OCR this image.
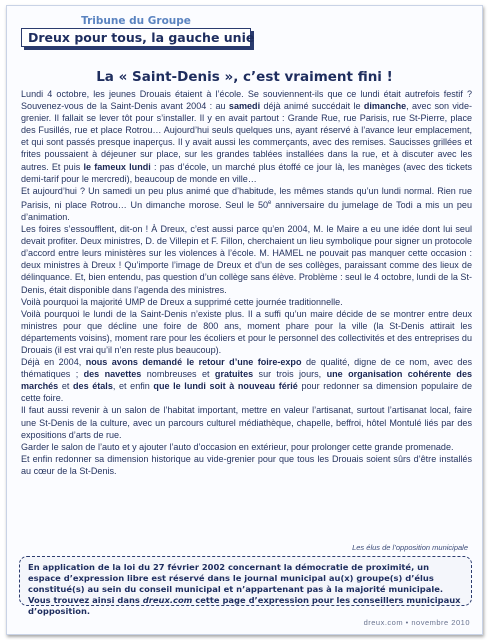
Tribune du Groupe
Dreux pour tous, la gauche unie
La « Saint-Denis », c’est vraiment fini !

Lundi 4 octobre, les jeunes Drouais étaient à l’école. Se souviennent-ils que ce lundi était autrefois festif ? Souvenez-vous de la Saint-Denis avant 2004 : au samedi déjà animé succédait le dimanche, avec son vide-grenier. Il fallait se lever tôt pour s’installer. Il y en avait partout : Grande Rue, rue Parisis, rue St-Pierre, place des Fusillés, rue et place Rotrou… Aujourd’hui seuls quelques uns, ayant réservé à l’avance leur emplacement, et qui sont passés presque inaperçus. Il y avait aussi les commerçants, avec des remises. Saucisses grillées et frites poussaient à déjeuner sur place, sur les grandes tablées installées dans la rue, et à discuter avec les autres. Et puis le fameux lundi : pas d’école, un marché plus étoffé ce jour là, les manèges (avec des tickets demi-tarif pour le mercredi), beaucoup de monde en ville…

Et aujourd’hui ? Un samedi un peu plus animé que d’habitude, les mêmes stands qu’un lundi normal. Rien rue Parisis, ni place Rotrou… Un dimanche morose. Seul le 50e anniversaire du jumelage de Todi a mis un peu d’animation.

Les foires s’essoufflent, dit-on ! À Dreux, c’est aussi parce qu’en 2004, M. le Maire a eu une idée dont lui seul devait profiter. Deux ministres, D. de Villepin et F. Fillon, cherchaient un lieu symbolique pour signer un protocole d’accord entre leurs ministères sur les violences à l’école. M. HAMEL ne pouvait pas manquer cette occasion : deux ministres à Dreux ! Qu’importe l’image de Dreux et d’un de ses collèges, paraissant comme des lieux de délinquance. Et, bien entendu, pas question d’un collège sans élève. Problème : seul le 4 octobre, lundi de la St-Denis, était disponible dans l’agenda des ministres.

Voilà pourquoi la majorité UMP de Dreux a supprimé cette journée traditionnelle.

Voilà pourquoi le lundi de la Saint-Denis n’existe plus. Il a suffi qu’un maire décide de se montrer entre deux ministres pour que décline une foire de 800 ans, moment phare pour la ville (la St-Denis attirait les départements voisins), moment rare pour les écoliers et pour le personnel des collectivités et des entreprises du Drouais (il est vrai qu’il n’en reste plus beaucoup).

Déjà en 2004, nous avons demandé le retour d’une foire-expo de qualité, digne de ce nom, avec des thématiques ; des navettes nombreuses et gratuites sur trois jours, une organisation cohérente des marchés et des étals, et enfin que le lundi soit à nouveau férié pour redonner sa dimension populaire de cette foire.

Il faut aussi revenir à un salon de l’habitat important, mettre en valeur l’artisanat, surtout l’artisanat local, faire une St-Denis de la culture, avec un parcours culturel médiathèque, chapelle, beffroi, hôtel Montulé liés par des expositions d’arts de rue.

Garder le salon de l’auto et y ajouter l’auto d’occasion en extérieur, pour prolonger cette grande promenade.

Et enfin redonner sa dimension historique au vide-grenier pour que tous les Drouais soient sûrs d’être installés au cœur de la St-Denis.

Les élus de l’opposition municipale
En application de la loi du 27 février 2002 concernant la démocratie de proximité, un espace d’expression libre est réservé dans le journal municipal au(x) groupe(s) d’élus constitué(s) au sein du conseil municipal et n’appartenant pas à la majorité municipale. Vous trouvez ainsi dans dreux.com cette page d’expression pour les conseillers municipaux d’opposition.
dreux.com • novembre 2010
